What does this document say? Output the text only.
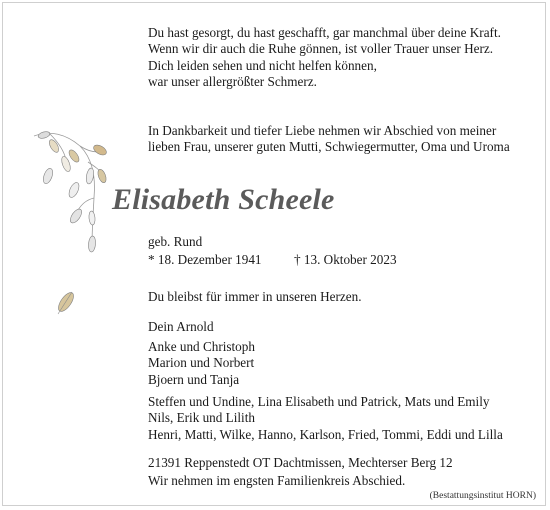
Du hast gesorgt, du hast geschafft, gar manchmal über deine Kraft.
Wenn wir dir auch die Ruhe gönnen, ist voller Trauer unser Herz.
Dich leiden sehen und nicht helfen können,
war unser allergrößter Schmerz.
In Dankbarkeit und tiefer Liebe nehmen wir Abschied von meiner
lieben Frau, unserer guten Mutti, Schwiegermutter, Oma und Uroma
Elisabeth Scheele
geb. Rund
* 18. Dezember 1941 † 13. Oktober 2023
Du bleibst für immer in unseren Herzen.
Dein Arnold
Anke und Christoph
Marion und Norbert
Bjoern und Tanja
Steffen und Undine, Lina Elisabeth und Patrick, Mats und Emily
Nils, Erik und Lilith
Henri, Matti, Wilke, Hanno, Karlson, Fried, Tommi, Eddi und Lilla
21391 Reppenstedt OT Dachtmissen, Mechterser Berg 12
Wir nehmen im engsten Familienkreis Abschied.
(Bestattungsinstitut HORN)
